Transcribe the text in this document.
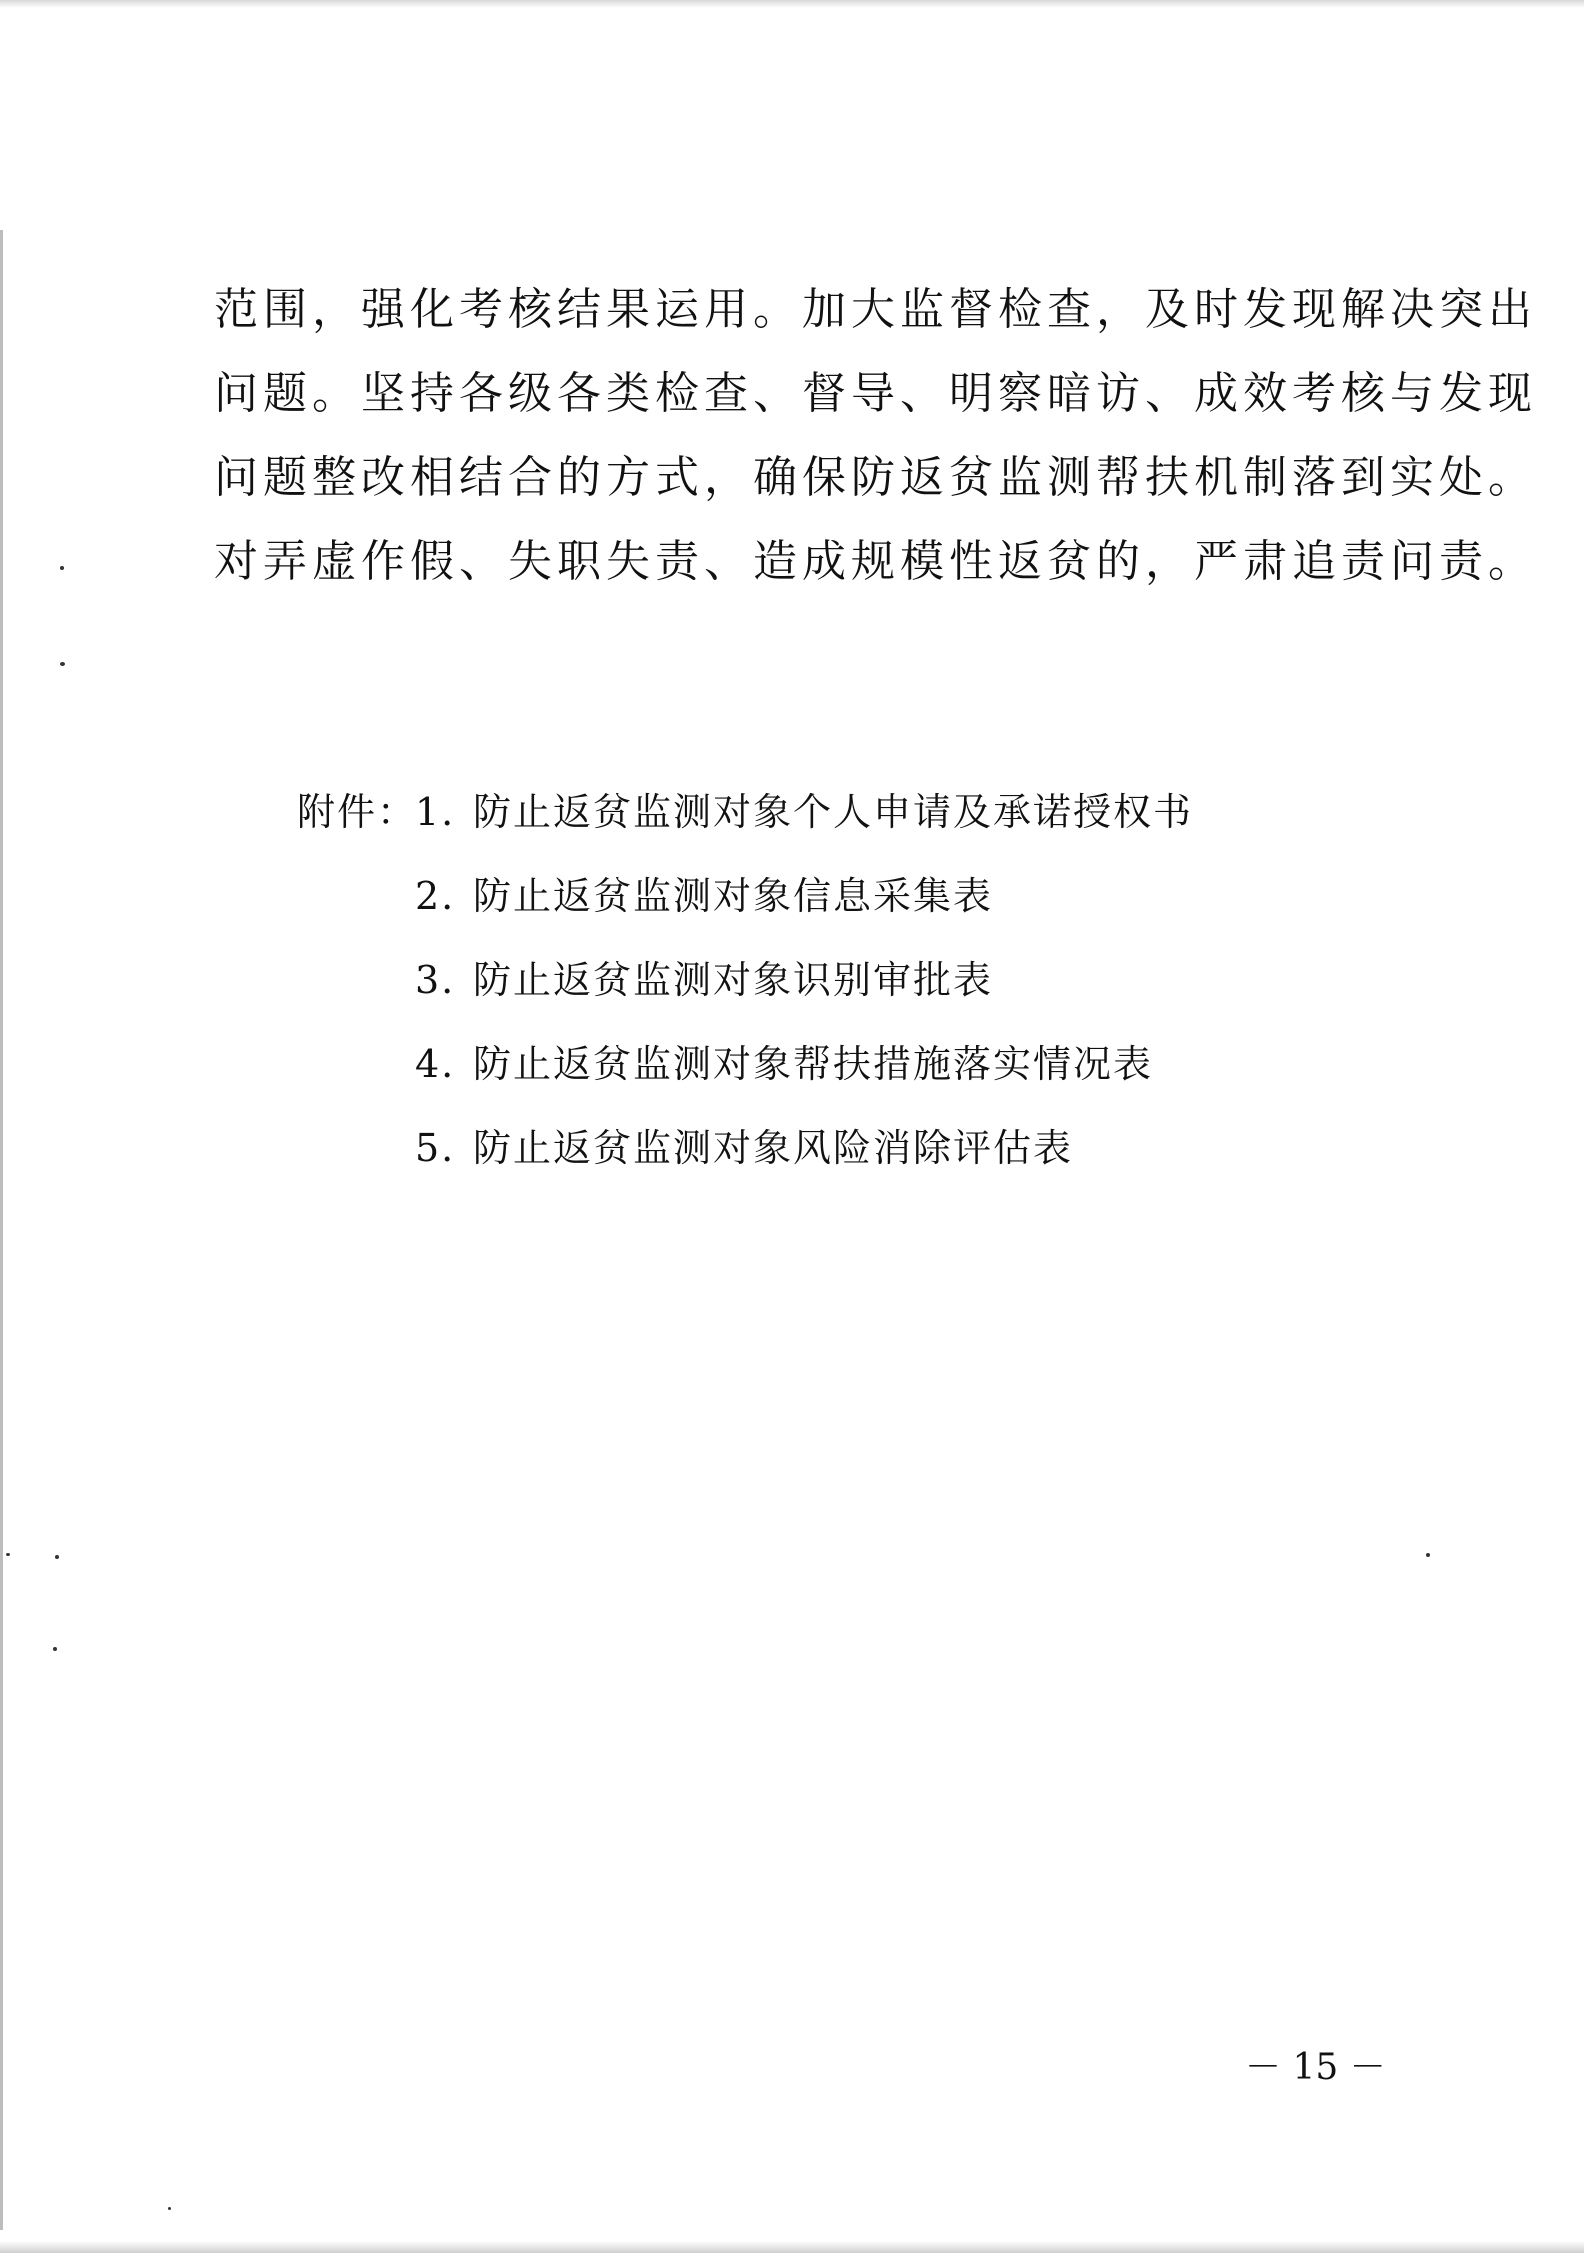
范围，强化考核结果运用。加大监督检查，及时发现解决突出
问题。坚持各级各类检查、督导、明察暗访、成效考核与发现
问题整改相结合的方式，确保防返贫监测帮扶机制落到实处。
对弄虚作假、失职失责、造成规模性返贫的，严肃追责问责。
附件：
1. 防止返贫监测对象个人申请及承诺授权书
2. 防止返贫监测对象信息采集表
3. 防止返贫监测对象识别审批表
4. 防止返贫监测对象帮扶措施落实情况表
5. 防止返贫监测对象风险消除评估表
－ 15 －
